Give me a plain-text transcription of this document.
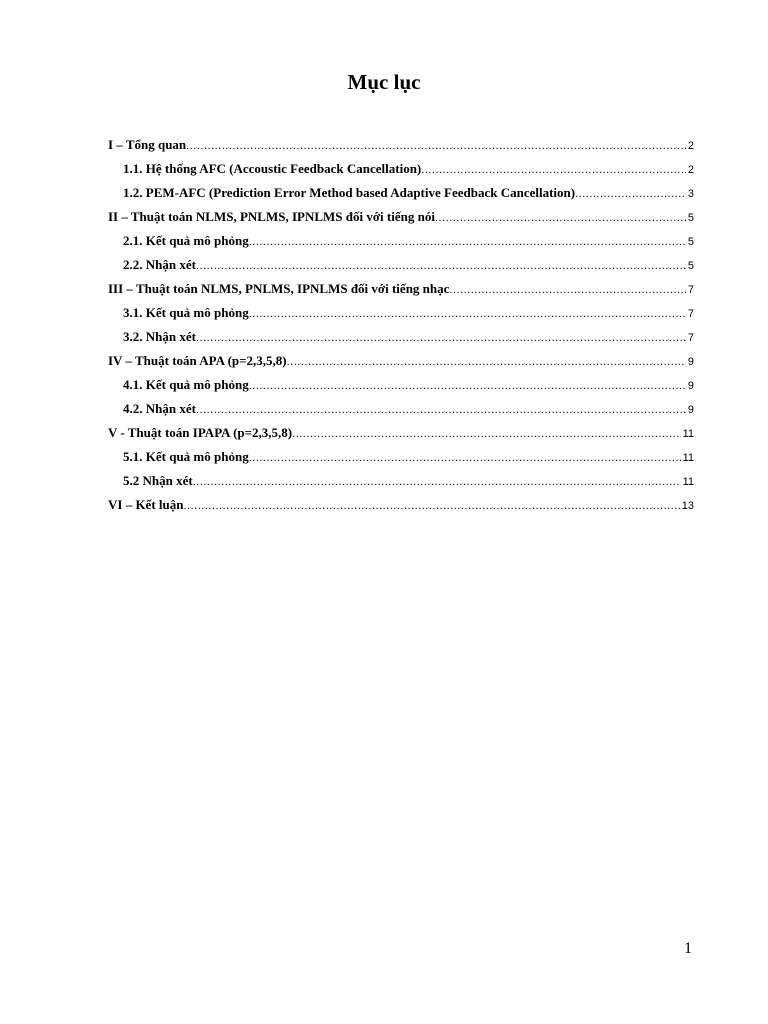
Mục lục
I – Tổng quan .....	2
1.1. Hệ thống AFC (Accoustic Feedback Cancellation) .....	2
1.2. PEM-AFC (Prediction Error Method based Adaptive Feedback Cancellation) .....	3
II – Thuật toán NLMS, PNLMS, IPNLMS đối với tiếng nói .....	5
2.1. Kết quả mô phỏng .....	5
2.2. Nhận xét .....	5
III – Thuật toán NLMS, PNLMS, IPNLMS đối với tiếng nhạc .....	7
3.1. Kết quả mô phỏng .....	7
3.2. Nhận xét .....	7
IV – Thuật toán APA (p=2,3,5,8) .....	9
4.1. Kết quả mô phỏng .....	9
4.2. Nhận xét .....	9
V - Thuật toán IPAPA (p=2,3,5,8) .....	11
5.1. Kết quả mô phỏng .....	11
5.2 Nhận xét .....	11
VI – Kết luận .....	13
1
